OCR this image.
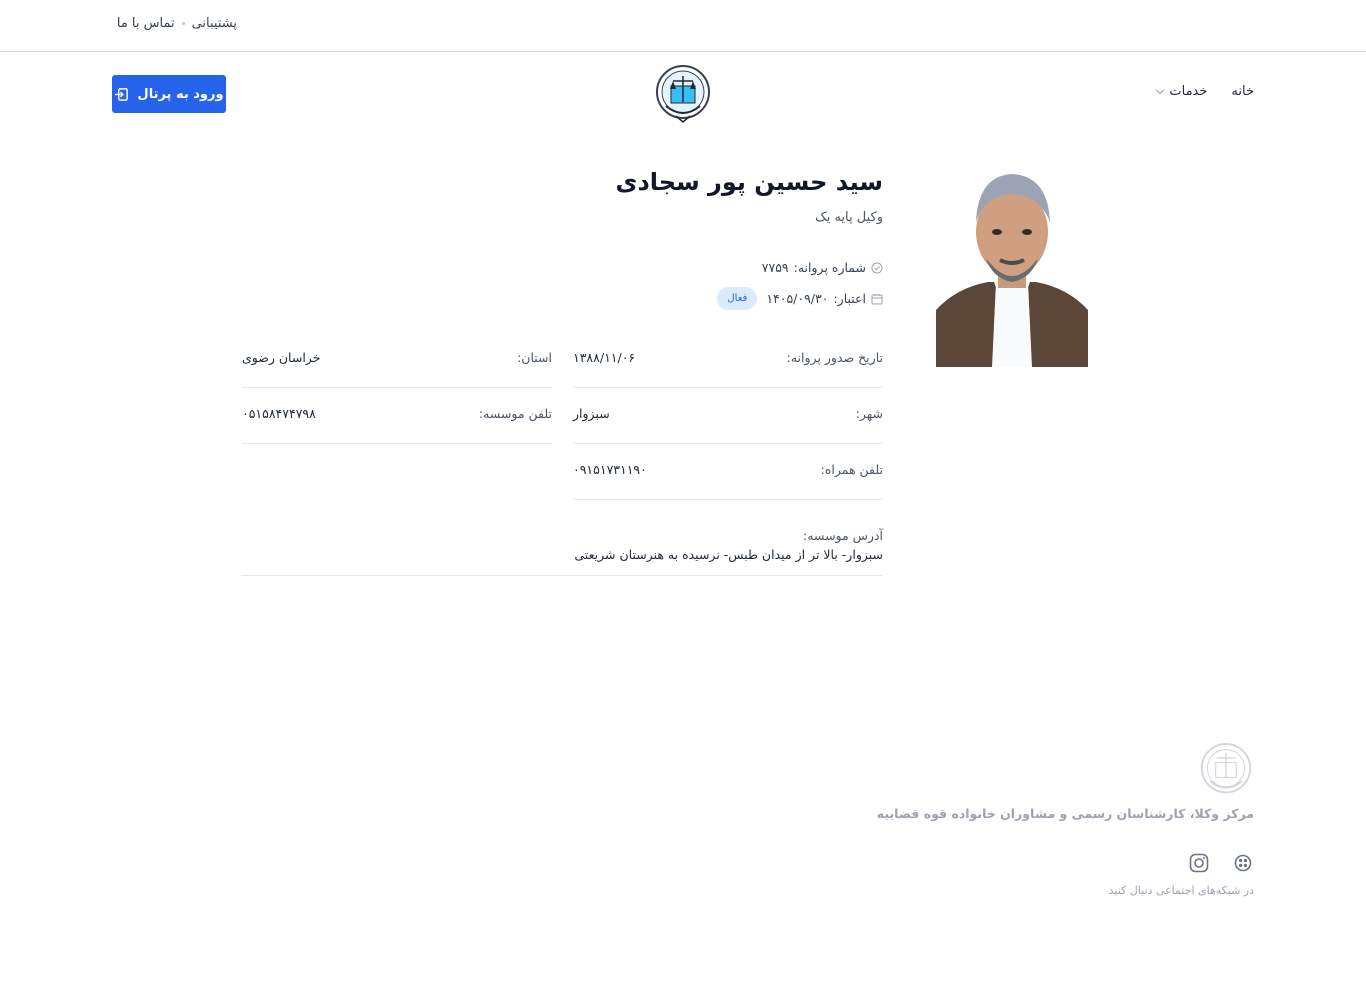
پشتیبانی
تماس با ما
خانه
خدمات
ورود به پرتال
سید حسین پور سجادی
وکیل پایه یک
شماره پروانه:
۷۷۵۹
اعتبار:
۱۴۰۵/۰۹/۳۰
فعال
تاریخ صدور پروانه:
۱۳۸۸/۱۱/۰۶
استان:
خراسان رضوی
شهر:
سبزوار
تلفن موسسه:
۰۵۱۵۸۴۷۴۷۹۸
تلفن همراه:
۰۹۱۵۱۷۳۱۱۹۰
آدرس موسسه:
سبزوار- بالا تر از میدان طبس- نرسیده به هنرستان شریعتی
مرکز وکلا، کارشناسان رسمی و مشاوران خانواده قوه قضاییه
در شبکه‌های اجتماعی دنبال کنید
